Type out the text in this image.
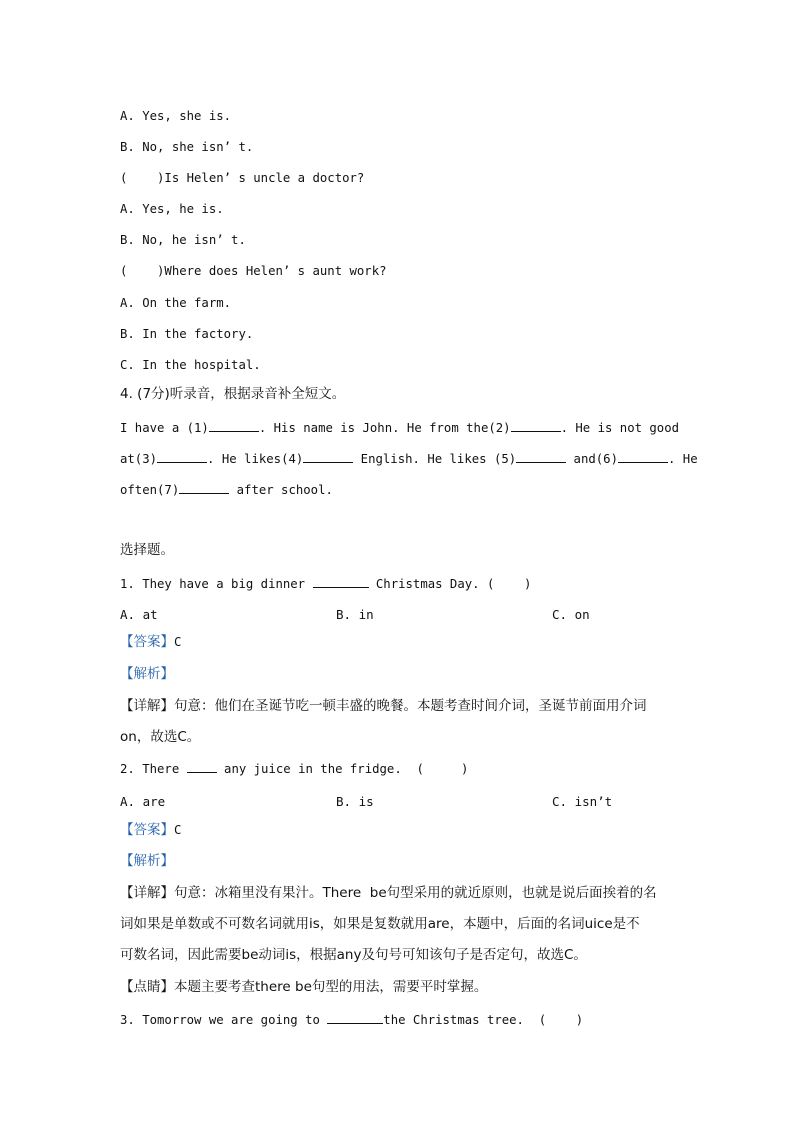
A. Yes, she is.
B. No, she isn’ t.
(    )Is Helen’ s uncle a doctor?
A. Yes, he is.
B. No, he isn’ t.
(    )Where does Helen’ s aunt work?
A. On the farm.
B. In the factory.
C. In the hospital.
4. (7分)听录音，根据录音补全短文。
I have a (1)	. His name is John. He from the(2)	. He is not good
at(3)	. He likes(4)	English. He likes (5)	and(6)	. He
often(7)	after school.
选择题。
1. They have a big dinner	Christmas Day. (    )
A. at	B. in	C. on
【答案】C
【解析】
【详解】句意：他们在圣诞节吃一顿丰盛的晚餐。本题考查时间介词，圣诞节前面用介词
on，故选C。
2. There	any juice in the fridge.  (     )
A. are	B. is	C. isn’t
【答案】C
【解析】
【详解】句意：冰箱里没有果汁。There  be句型采用的就近原则，也就是说后面挨着的名
词如果是单数或不可数名词就用is，如果是复数就用are，本题中，后面的名词uice是不
可数名词，因此需要be动词is，根据any及句号可知该句子是否定句，故选C。
【点睛】本题主要考查there be句型的用法，需要平时掌握。
3. Tomorrow we are going to	the Christmas tree.  (    )
